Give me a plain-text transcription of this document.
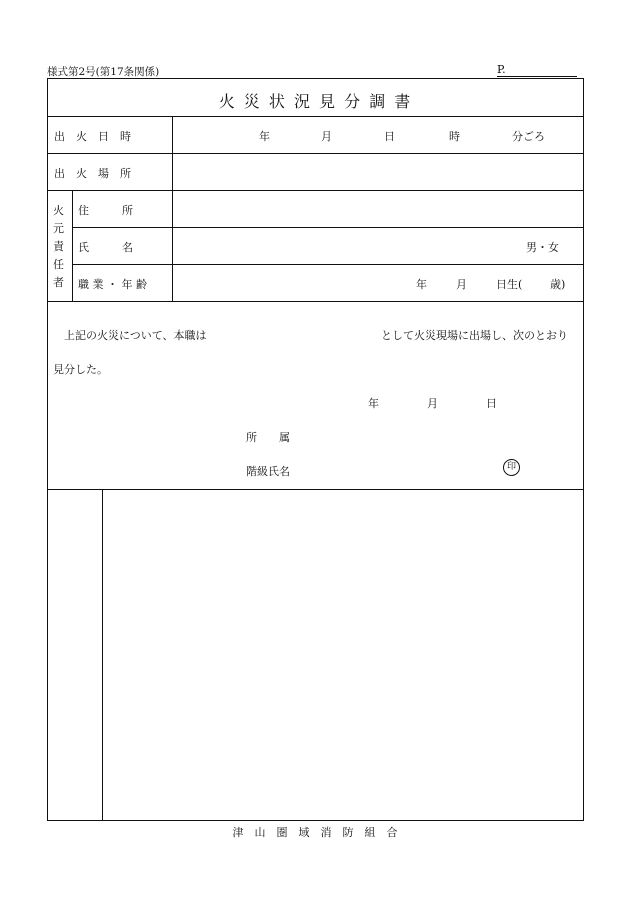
様式第2号(第17条関係)	P.
火 災 状 況 見 分 調 書
出　火　日　時	年	月	日	時	分ごろ
出　火　場　所
火元責任者
住　　　所
氏　　　名	男・女
職 業 ・ 年 齢	年	月	日生(	歳)
上記の火災について、本職は	として火災現場に出場し、次のとおり
見分した。
年	月	日
所　　属
階級氏名	印
津　山　圏　域　消　防　組　合
